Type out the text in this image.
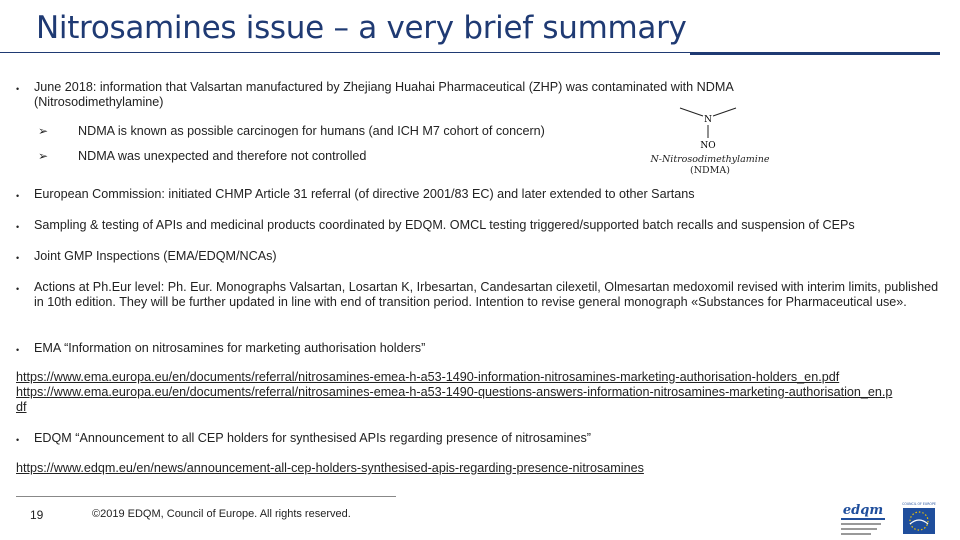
Nitrosamines issue – a very brief summary
•	June 2018: information that Valsartan manufactured by Zhejiang Huahai Pharmaceutical (ZHP) was contaminated with NDMA (Nitrosodimethylamine)
➢	NDMA is known as possible carcinogen for humans (and ICH M7 cohort of concern)
➢	NDMA was unexpected and therefore not controlled
N
NO
N-Nitrosodimethylamine
(NDMA)
•	European Commission: initiated CHMP Article 31 referral (of directive 2001/83 EC) and later extended to other Sartans
•	Sampling & testing of APIs and medicinal products coordinated by EDQM. OMCL testing triggered/supported batch recalls and suspension of CEPs
•	Joint GMP Inspections (EMA/EDQM/NCAs)
•	Actions at Ph.Eur level: Ph. Eur. Monographs Valsartan, Losartan K, Irbesartan, Candesartan cilexetil, Olmesartan medoxomil revised with interim limits, published in 10th edition. They will be further updated in line with end of transition period. Intention to revise general monograph «Substances for Pharmaceutical use».
•	EMA “Information on nitrosamines for marketing authorisation holders”
https://www.ema.europa.eu/en/documents/referral/nitrosamines-emea-h-a53-1490-information-nitrosamines-marketing-authorisation-holders_en.pdf
https://www.ema.europa.eu/en/documents/referral/nitrosamines-emea-h-a53-1490-questions-answers-information-nitrosamines-marketing-authorisation_en.pdf
•	EDQM “Announcement to all CEP holders for synthesised APIs regarding presence of nitrosamines”
https://www.edqm.eu/en/news/announcement-all-cep-holders-synthesised-apis-regarding-presence-nitrosamines
19	©2019 EDQM, Council of Europe. All rights reserved.	edqm	COUNCIL OF EUROPE
